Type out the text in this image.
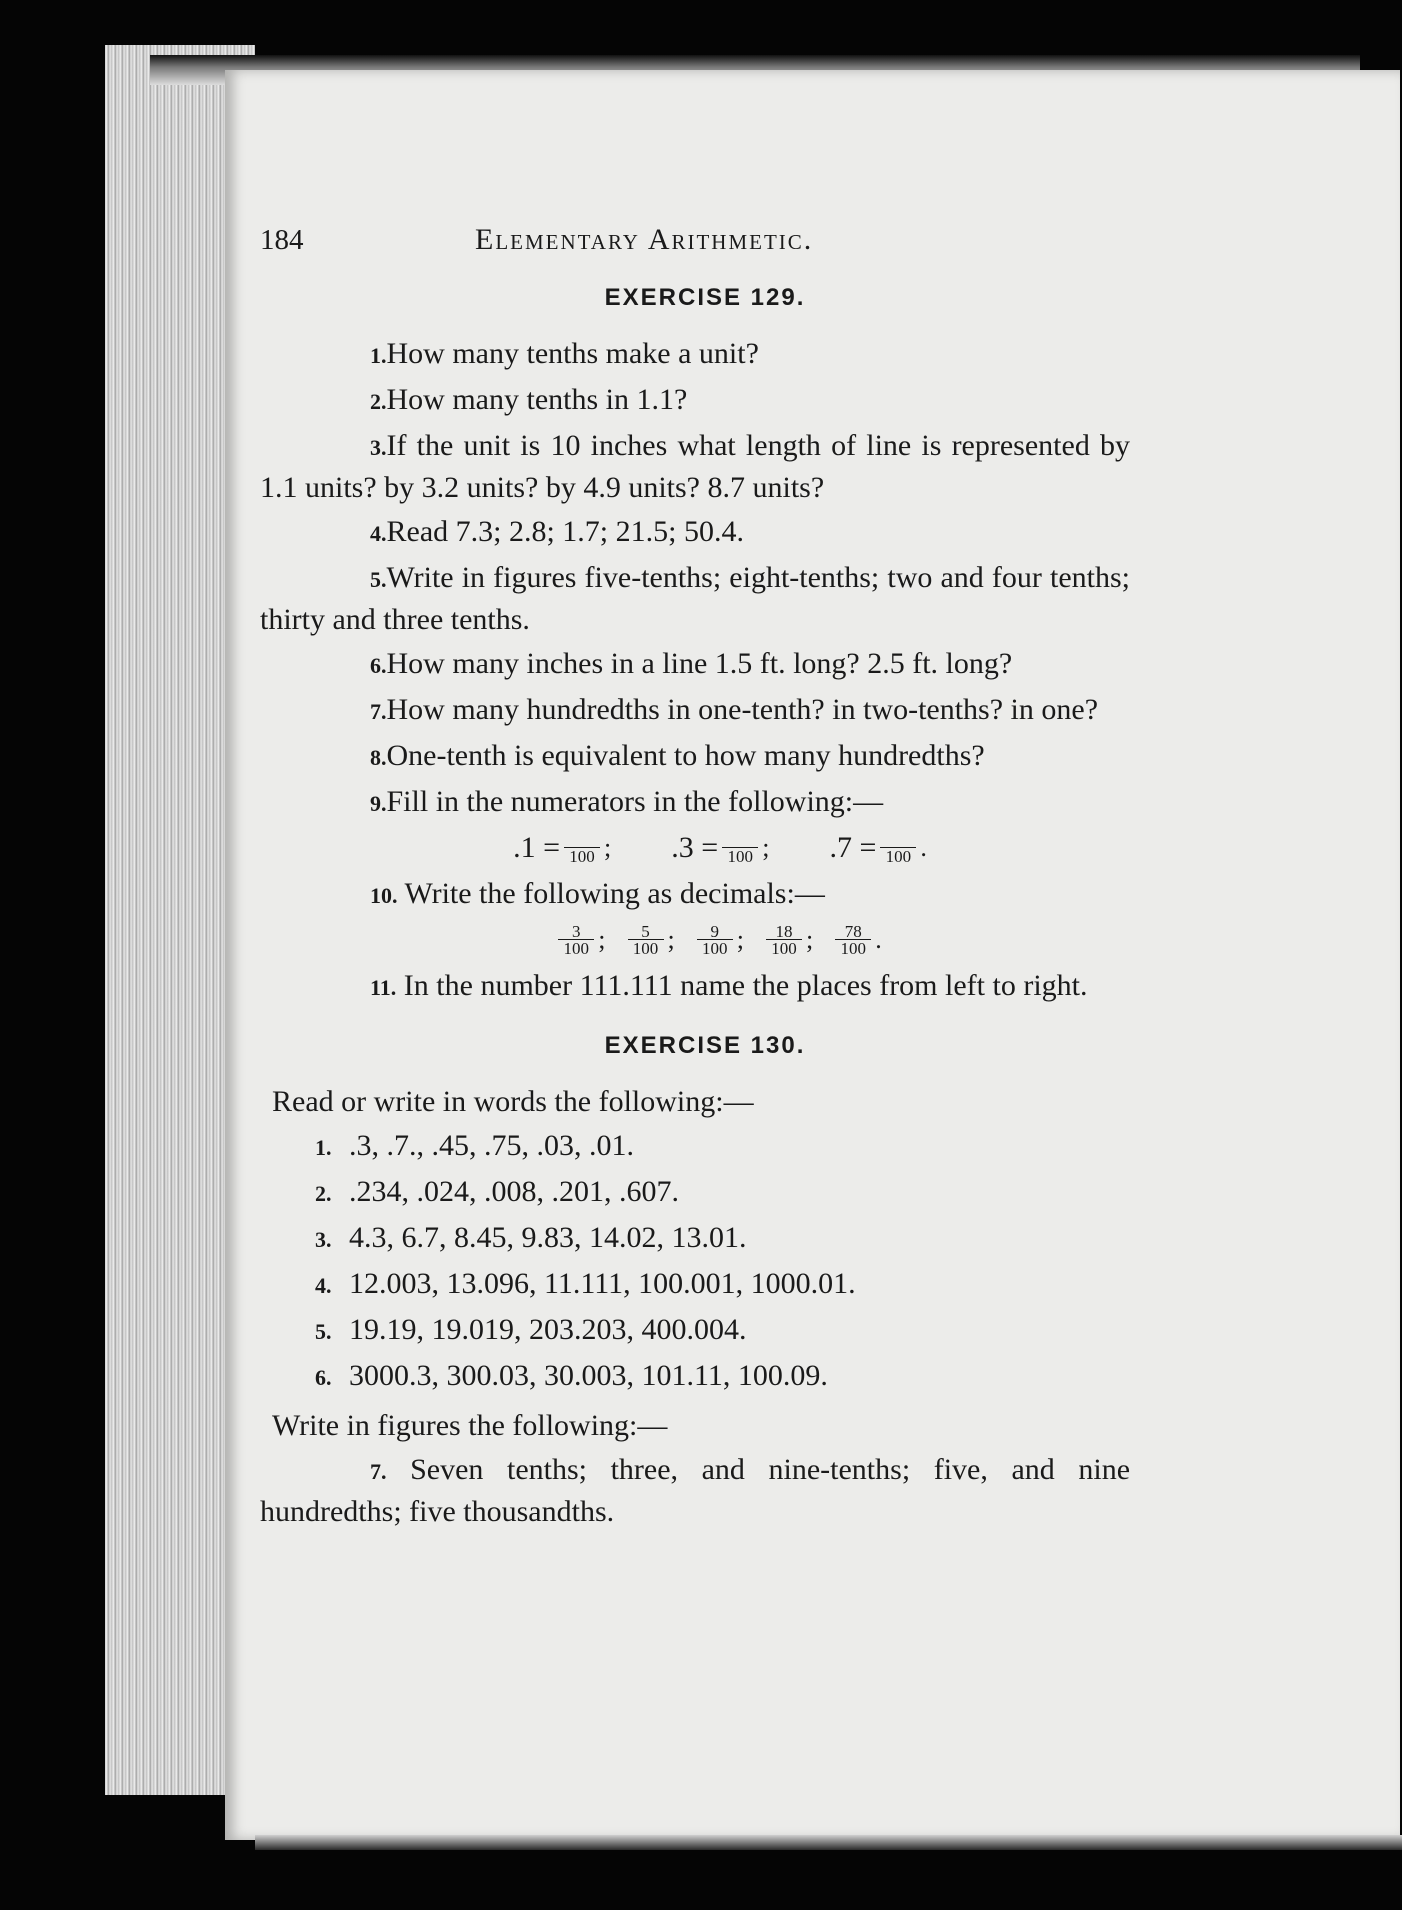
184	Elementary Arithmetic.
EXERCISE 129.

1.How many tenths make a unit?

2.How many tenths in 1.1?

3.If the unit is 10 inches what length of line is represented by 1.1 units? by 3.2 units? by 4.9 units? 8.7 units?

4.Read 7.3; 2.8; 1.7; 21.5; 50.4.

5.Write in figures five-tenths; eight-tenths; two and four tenths; thirty and three tenths.

6.How many inches in a line 1.5 ft. long? 2.5 ft. long?

7.How many hundredths in one-tenth? in two-tenths? in one?

8.One-tenth is equivalent to how many hundredths?

9.Fill in the numerators in the following:—

.1 = 100 ; .3 = 100 ; .7 = 100 .

10. Write the following as decimals:—

$\frac{3}{100}$ ; $\frac{5}{100}$ ; $\frac{9}{100}$ ; $\frac{18}{100}$ ; $\frac{78}{100}$ .

11. In the number 111.111 name the places from left to right.

EXERCISE 130.

Read or write in words the following:—

1. .3, .7., .45, .75, .03, .01.

2. .234, .024, .008, .201, .607.

3. 4.3, 6.7, 8.45, 9.83, 14.02, 13.01.

4. 12.003, 13.096, 11.111, 100.001, 1000.01.

5. 19.19, 19.019, 203.203, 400.004.

6. 3000.3, 300.03, 30.003, 101.11, 100.09.

Write in figures the following:—

7. Seven tenths; three, and nine-tenths; five, and nine hundredths; five thousandths.
